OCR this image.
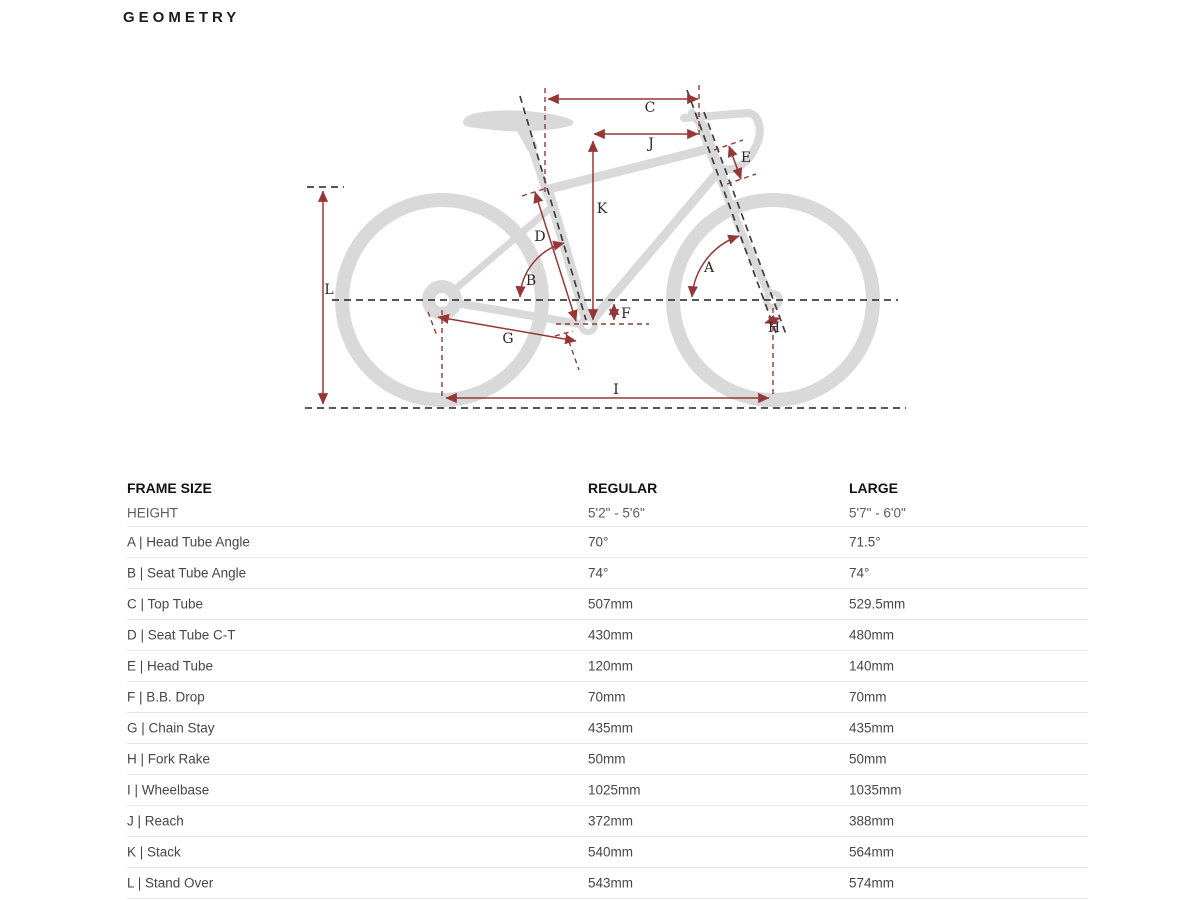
GEOMETRY
C
J
K
E
D
B
A
F
G
H
I
L
FRAME SIZE	REGULAR	LARGE
HEIGHT	5'2" - 5'6"	5'7" - 6'0"
A | Head Tube Angle	70°	71.5°
B | Seat Tube Angle	74°	74°
C | Top Tube	507mm	529.5mm
D | Seat Tube C-T	430mm	480mm
E | Head Tube	120mm	140mm
F | B.B. Drop	70mm	70mm
G | Chain Stay	435mm	435mm
H | Fork Rake	50mm	50mm
I | Wheelbase	1025mm	1035mm
J | Reach	372mm	388mm
K | Stack	540mm	564mm
L | Stand Over	543mm	574mm
